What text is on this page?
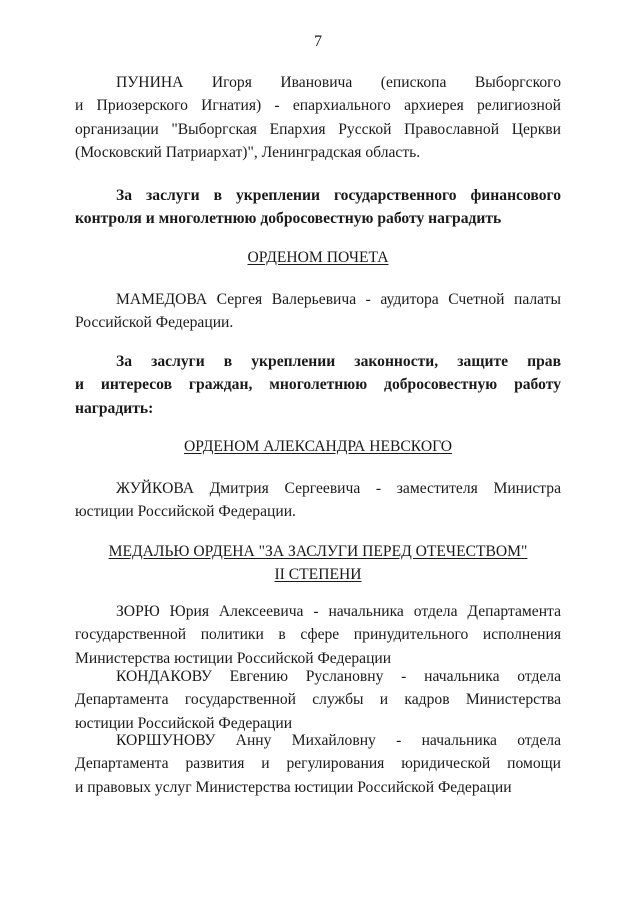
7
ПУНИНА Игоря Ивановича (епископа Выборгского
и Приозерского Игнатия) - епархиального архиерея религиозной
организации "Выборгская Епархия Русской Православной Церкви
(Московский Патриархат)", Ленинградская область.
За заслуги в укреплении государственного финансового
контроля и многолетнюю добросовестную работу наградить
ОРДЕНОМ ПОЧЕТА
МАМЕДОВА Сергея Валерьевича - аудитора Счетной палаты
Российской Федерации.
За заслуги в укреплении законности, защите прав
и интересов граждан, многолетнюю добросовестную работу
наградить:
ОРДЕНОМ АЛЕКСАНДРА НЕВСКОГО
ЖУЙКОВА Дмитрия Сергеевича - заместителя Министра
юстиции Российской Федерации.
МЕДАЛЬЮ ОРДЕНА "ЗА ЗАСЛУГИ ПЕРЕД ОТЕЧЕСТВОМ"
II СТЕПЕНИ
ЗОРЮ Юрия Алексеевича - начальника отдела Департамента
государственной политики в сфере принудительного исполнения
Министерства юстиции Российской Федерации
КОНДАКОВУ Евгению Руслановну - начальника отдела
Департамента государственной службы и кадров Министерства
юстиции Российской Федерации
КОРШУНОВУ Анну Михайловну - начальника отдела
Департамента развития и регулирования юридической помощи
и правовых услуг Министерства юстиции Российской Федерации
